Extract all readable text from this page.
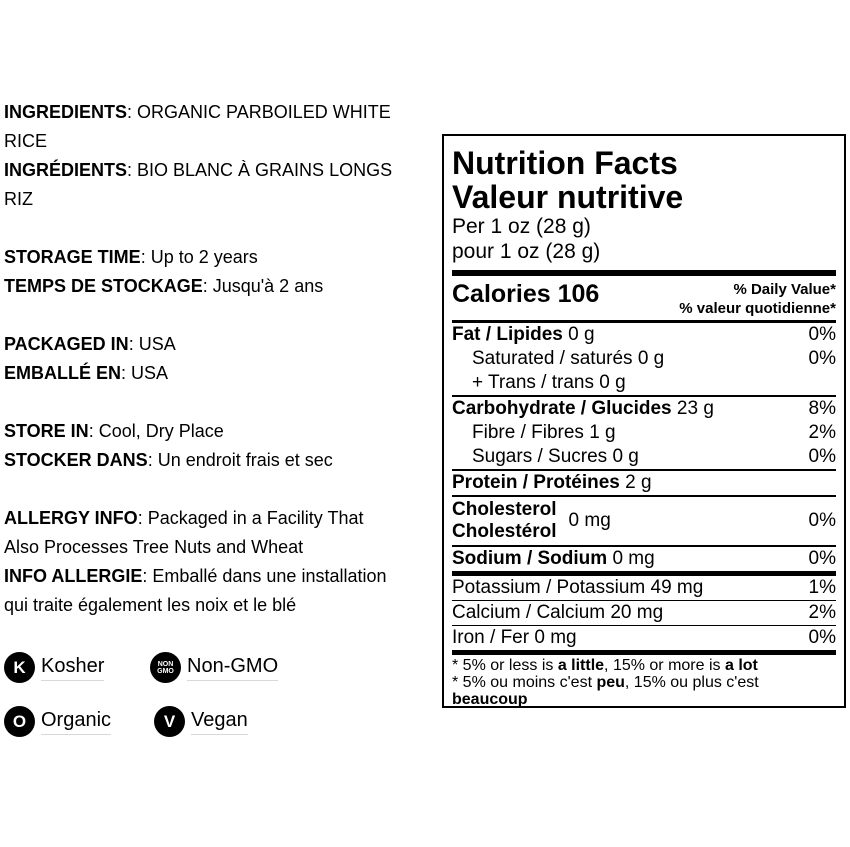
INGREDIENTS: ORGANIC PARBOILED WHITE
RICE
INGRÉDIENTS: BIO BLANC À GRAINS LONGS
RIZ
STORAGE TIME: Up to 2 years
TEMPS DE STOCKAGE: Jusqu'à 2 ans
PACKAGED IN: USA
EMBALLÉ EN: USA
STORE IN: Cool, Dry Place
STOCKER DANS: Un endroit frais et sec
ALLERGY INFO: Packaged in a Facility That
Also Processes Tree Nuts and Wheat
INFO ALLERGIE: Emballé dans une installation
qui traite également les noix et le blé
K Kosher	NON
GMO Non-GMO
O Organic	V Vegan
Nutrition Facts
Valeur nutritive
Per 1 oz (28 g)
pour 1 oz (28 g)
Calories 106	% Daily Value*
% valeur quotidienne*
Fat / Lipides 0 g	0%
Saturated / saturés 0 g	0%
+ Trans / trans 0 g
Carbohydrate / Glucides 23 g	8%
Fibre / Fibres 1 g	2%
Sugars / Sucres 0 g	0%
Protein / Protéines 2 g
Cholesterol
Cholestérol
0 mg	0%
Sodium / Sodium 0 mg	0%
Potassium / Potassium 49 mg	1%
Calcium / Calcium 20 mg	2%
Iron / Fer 0 mg	0%
* 5% or less is a little, 15% or more is a lot
* 5% ou moins c'est peu, 15% ou plus c'est
beaucoup
